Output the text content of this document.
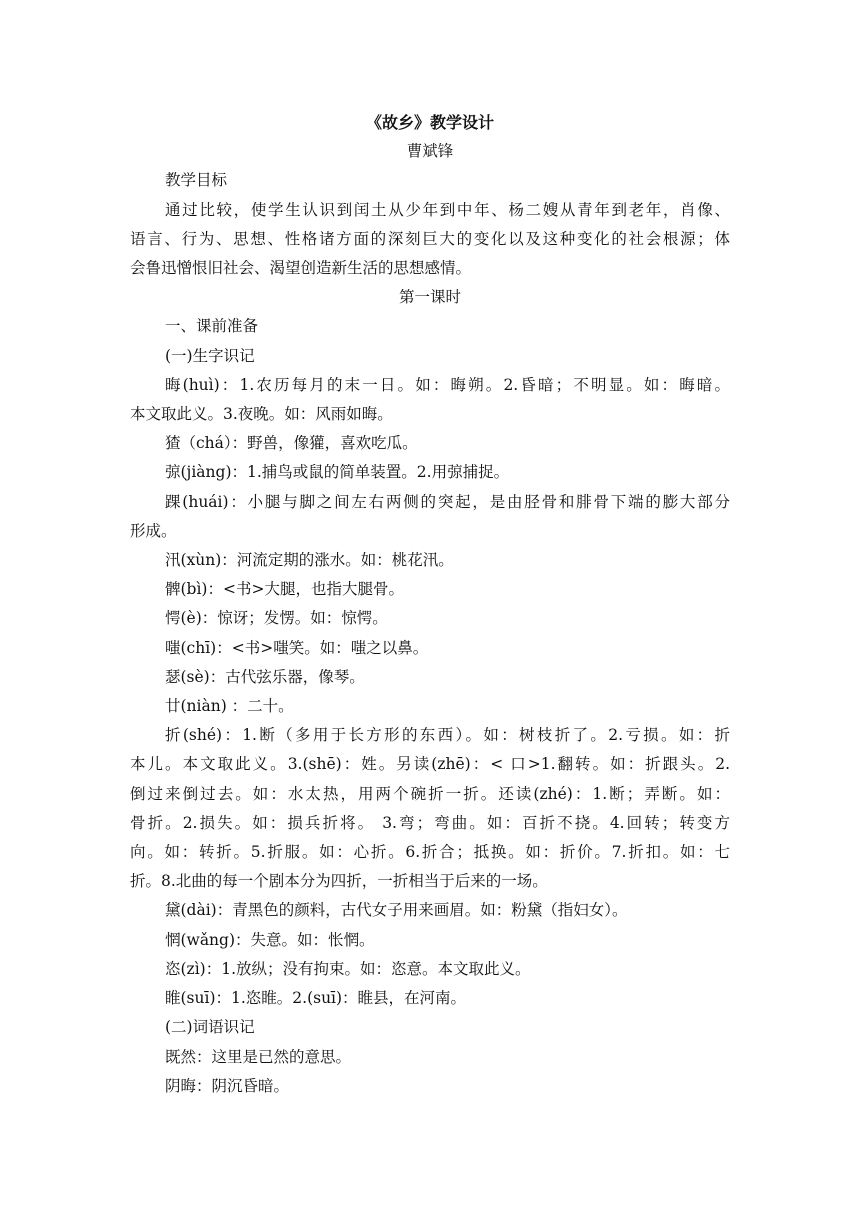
《故乡》教学设计
曹斌锋
教学目标
通过比较，使学生认识到闰土从少年到中年、杨二嫂从青年到老年，肖像、
语言、行为、思想、性格诸方面的深刻巨大的变化以及这种变化的社会根源；体
会鲁迅憎恨旧社会、渴望创造新生活的思想感情。
第一课时
一、课前准备
(一)生字识记
晦(huì)：1.农历每月的末一日。如：晦朔。2.昏暗；不明显。如：晦暗。
本文取此义。3.夜晚。如：风雨如晦。
猹（chá）：野兽，像獾，喜欢吃瓜。
弶(jiàng)：1.捕鸟或鼠的简单装置。2.用弶捕捉。
踝(huái)：小腿与脚之间左右两侧的突起，是由胫骨和腓骨下端的膨大部分
形成。
汛(xùn)：河流定期的涨水。如：桃花汛。
髀(bì)：<书>大腿，也指大腿骨。
愕(è)：惊讶；发愣。如：惊愕。
嗤(chī)：<书>嗤笑。如：嗤之以鼻。
瑟(sè)：古代弦乐器，像琴。
廿(niàn) ：二十。
折(shé)：1.断（多用于长方形的东西）。如：树枝折了。2.亏损。如：折
本儿。本文取此义。3.(shē)：姓。另读(zhē)：< 口>1.翻转。如：折跟头。2.
倒过来倒过去。如：水太热，用两个碗折一折。还读(zhé)：1.断；弄断。如：
骨折。2.损失。如：损兵折将。 3.弯；弯曲。如：百折不挠。4.回转；转变方
向。如：转折。5.折服。如：心折。6.折合；抵换。如：折价。7.折扣。如：七
折。8.北曲的每一个剧本分为四折，一折相当于后来的一场。
黛(dài)：青黑色的颜料，古代女子用来画眉。如：粉黛（指妇女）。
惘(wǎng)：失意。如：怅惘。
恣(zì)：1.放纵；没有拘束。如：恣意。本文取此义。
睢(suī)：1.恣睢。2.(suī)：睢县，在河南。
(二)词语识记
既然：这里是已然的意思。
阴晦：阴沉昏暗。
